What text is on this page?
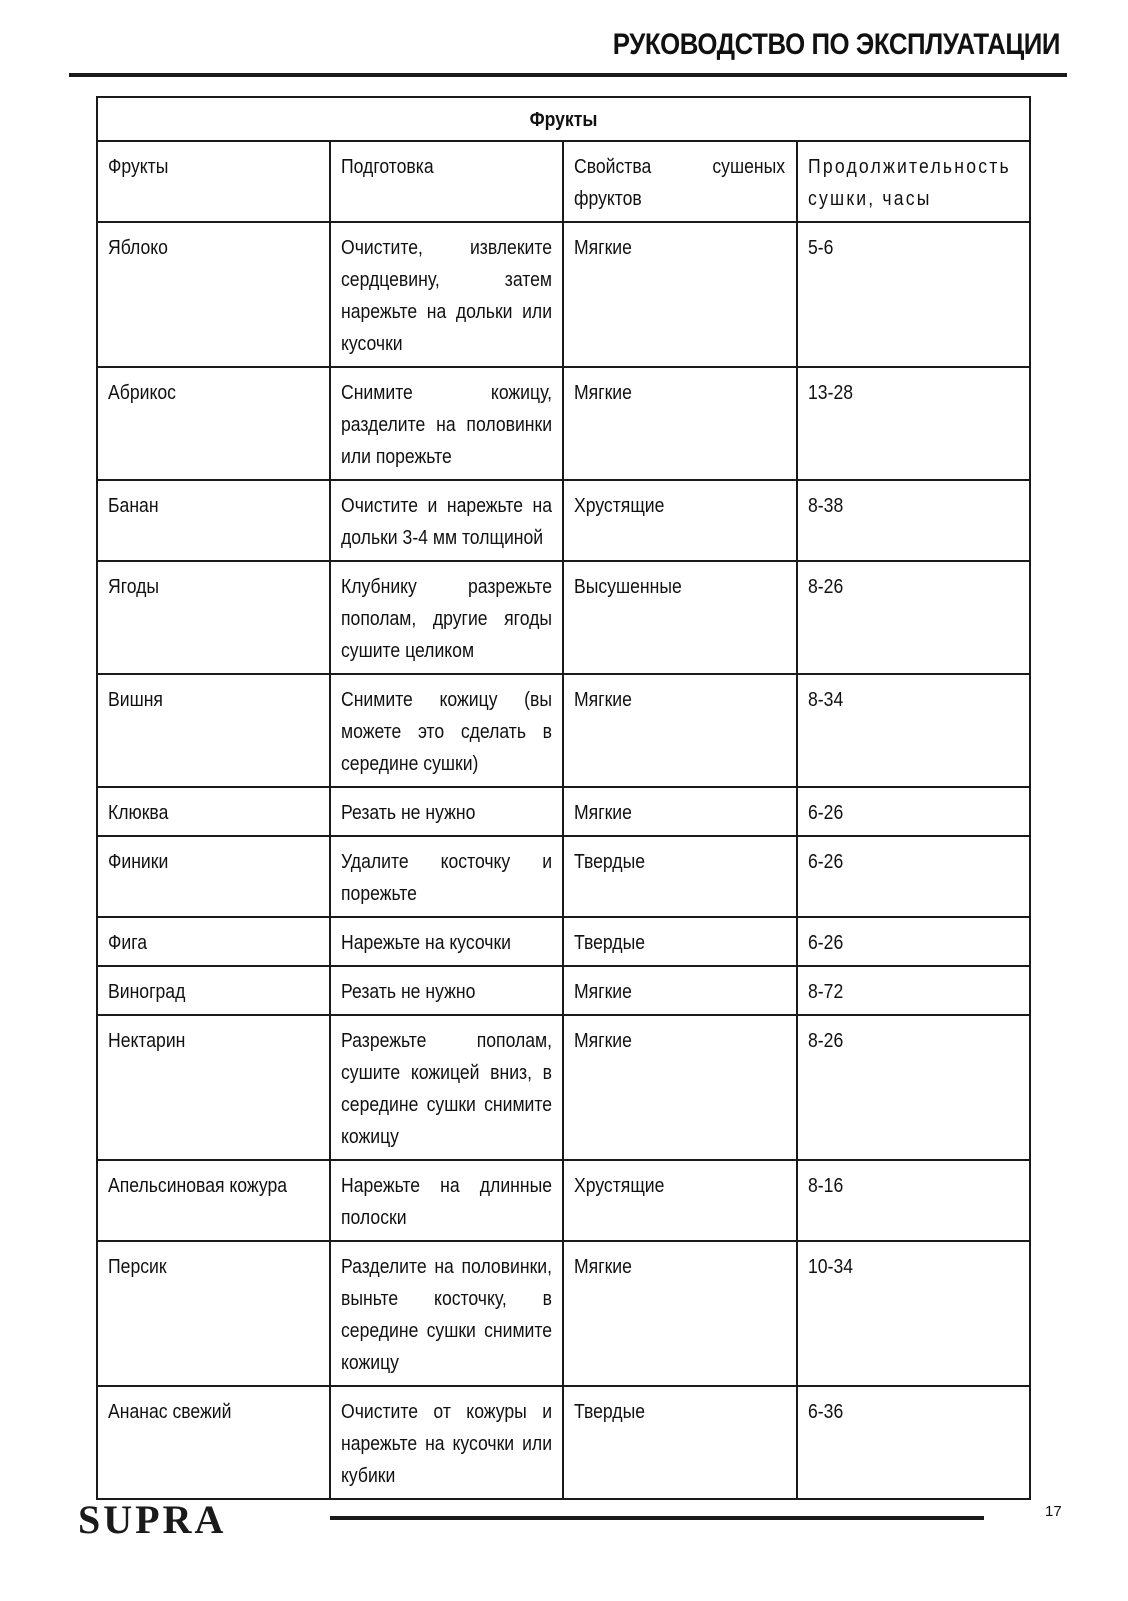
РУКОВОДСТВО ПО ЭКСПЛУАТАЦИИ
Фрукты			

Фрукты	Подготовка	Свойства сушеных фруктов	Продолжительность сушки, часы

Яблоко	Очистите, извлеките сердцевину, затем нарежьте на дольки или кусочки	Мягкие	5-6

Абрикос	Снимите кожицу, разделите на половинки или порежьте	Мягкие	13-28

Банан	Очистите и нарежьте на дольки 3-4 мм толщиной	Хрустящие	8-38

Ягоды	Клубнику разрежьте пополам, другие ягоды сушите целиком	Высушенные	8-26

Вишня	Снимите кожицу (вы можете это сделать в середине сушки)	Мягкие	8-34

Клюква	Резать не нужно	Мягкие	6-26

Финики	Удалите косточку и порежьте	Твердые	6-26

Фига	Нарежьте на кусочки	Твердые	6-26

Виноград	Резать не нужно	Мягкие	8-72

Нектарин	Разрежьте пополам, сушите кожицей вниз, в середине сушки снимите кожицу	Мягкие	8-26

Апельсиновая кожура	Нарежьте на длинные полоски	Хрустящие	8-16

Персик	Разделите на половинки, выньте косточку, в середине сушки снимите кожицу	Мягкие	10-34

Ананас свежий	Очистите от кожуры и нарежьте на кусочки или кубики	Твердые	6-36
SUPRA	17
